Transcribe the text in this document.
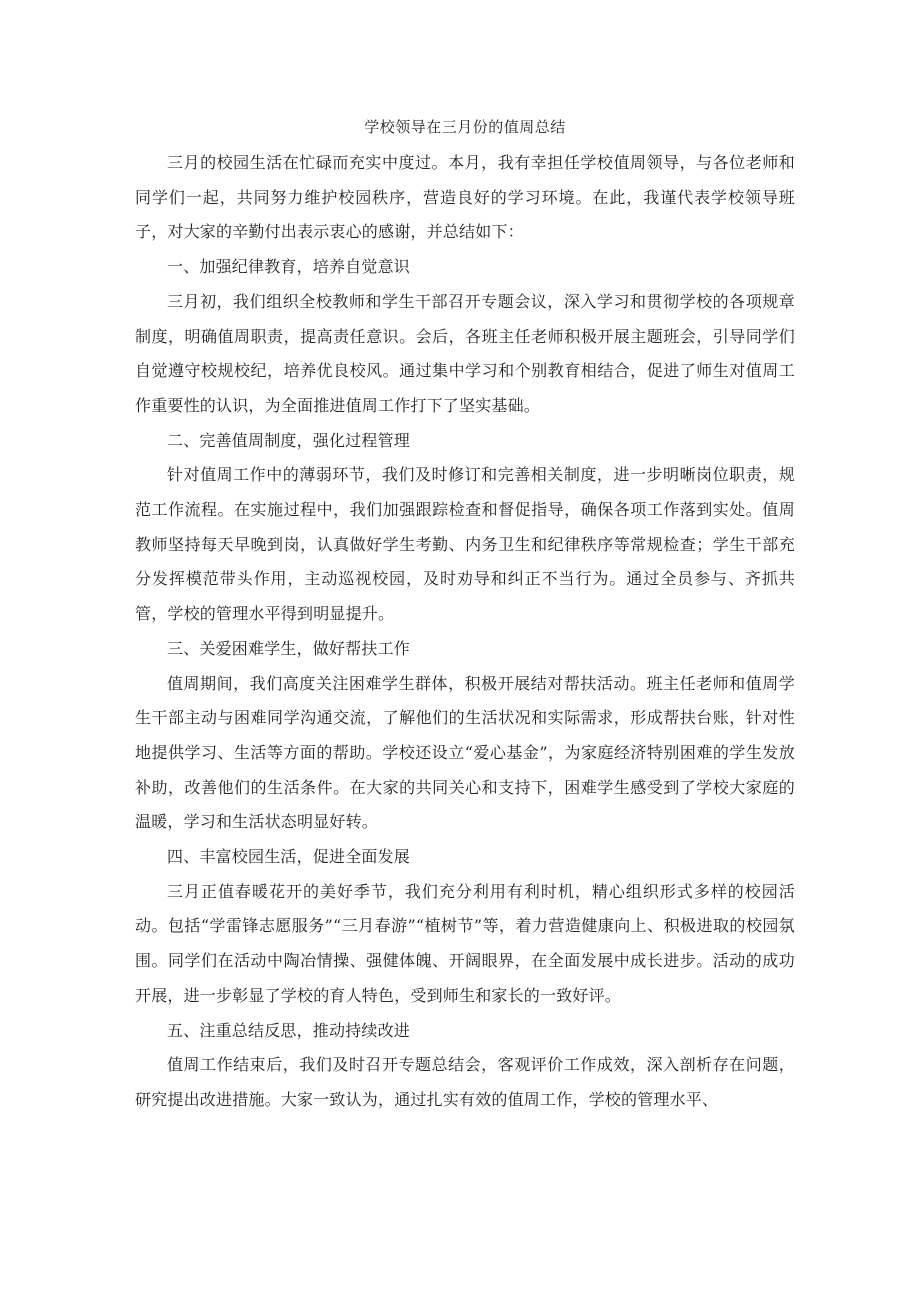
学校领导在三月份的值周总结
三月的校园生活在忙碌而充实中度过。本月，我有幸担任学校值周领导，与各位老师和同学们一起，共同努力维护校园秩序，营造良好的学习环境。在此，我谨代表学校领导班子，对大家的辛勤付出表示衷心的感谢，并总结如下：
一、加强纪律教育，培养自觉意识
三月初，我们组织全校教师和学生干部召开专题会议，深入学习和贯彻学校的各项规章制度，明确值周职责，提高责任意识。会后，各班主任老师积极开展主题班会，引导同学们自觉遵守校规校纪，培养优良校风。通过集中学习和个别教育相结合，促进了师生对值周工作重要性的认识，为全面推进值周工作打下了坚实基础。
二、完善值周制度，强化过程管理
针对值周工作中的薄弱环节，我们及时修订和完善相关制度，进一步明晰岗位职责，规范工作流程。在实施过程中，我们加强跟踪检查和督促指导，确保各项工作落到实处。值周教师坚持每天早晚到岗，认真做好学生考勤、内务卫生和纪律秩序等常规检查；学生干部充分发挥模范带头作用，主动巡视校园，及时劝导和纠正不当行为。通过全员参与、齐抓共管，学校的管理水平得到明显提升。
三、关爱困难学生，做好帮扶工作
值周期间，我们高度关注困难学生群体，积极开展结对帮扶活动。班主任老师和值周学生干部主动与困难同学沟通交流，了解他们的生活状况和实际需求，形成帮扶台账，针对性地提供学习、生活等方面的帮助。学校还设立“爱心基金”，为家庭经济特别困难的学生发放补助，改善他们的生活条件。在大家的共同关心和支持下，困难学生感受到了学校大家庭的温暖，学习和生活状态明显好转。
四、丰富校园生活，促进全面发展
三月正值春暖花开的美好季节，我们充分利用有利时机，精心组织形式多样的校园活动。包括“学雷锋志愿服务”“三月春游”“植树节”等，着力营造健康向上、积极进取的校园氛围。同学们在活动中陶冶情操、强健体魄、开阔眼界，在全面发展中成长进步。活动的成功开展，进一步彰显了学校的育人特色，受到师生和家长的一致好评。
五、注重总结反思，推动持续改进
值周工作结束后，我们及时召开专题总结会，客观评价工作成效，深入剖析存在问题，研究提出改进措施。大家一致认为，通过扎实有效的值周工作，学校的管理水平、
